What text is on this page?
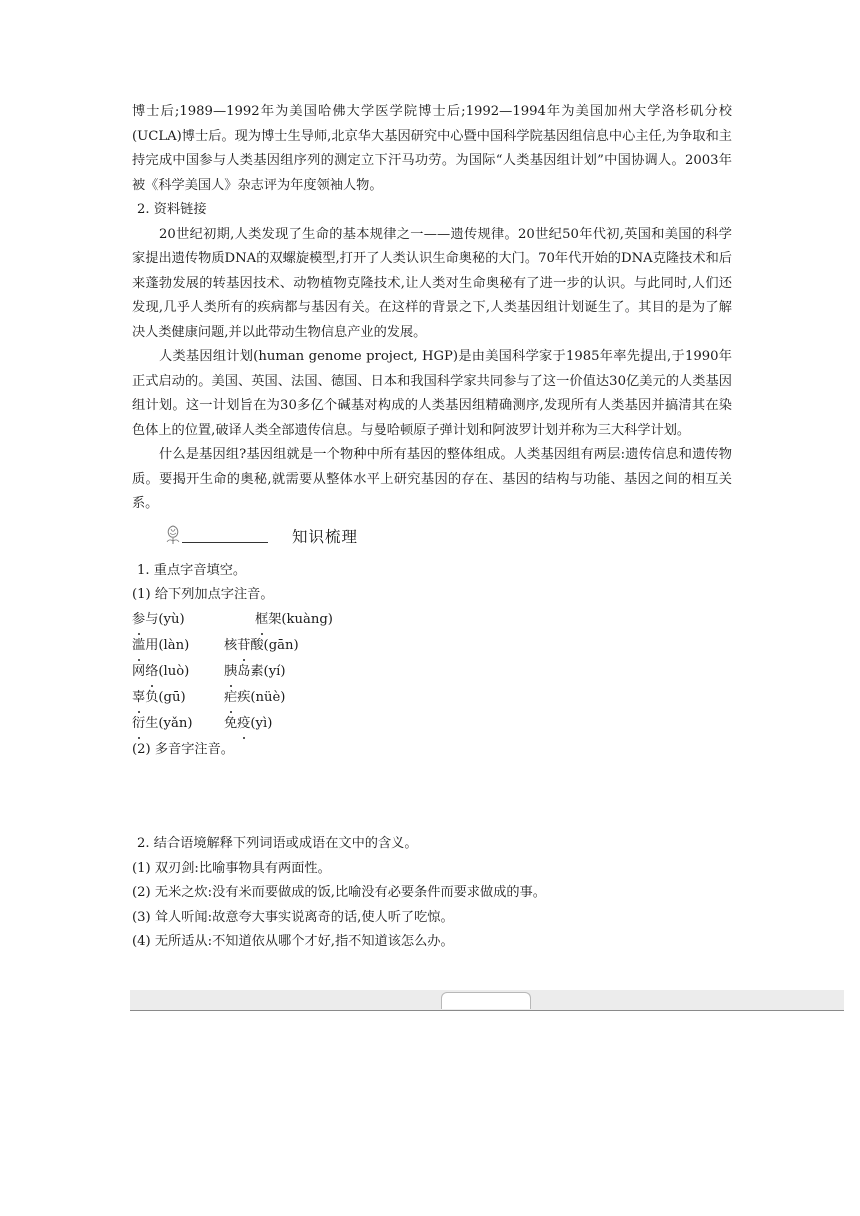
博士后;1989—1992年为美国哈佛大学医学院博士后;1992—1994年为美国加州大学洛杉矶分校(UCLA)博士后。现为博士生导师,北京华大基因研究中心暨中国科学院基因组信息中心主任,为争取和主持完成中国参与人类基因组序列的测定立下汗马功劳。为国际“人类基因组计划”中国协调人。2003年被《科学美国人》杂志评为年度领袖人物。

2. 资料链接

20世纪初期,人类发现了生命的基本规律之一——遗传规律。20世纪50年代初,英国和美国的科学家提出遗传物质DNA的双螺旋模型,打开了人类认识生命奥秘的大门。70年代开始的DNA克隆技术和后来蓬勃发展的转基因技术、动物植物克隆技术,让人类对生命奥秘有了进一步的认识。与此同时,人们还发现,几乎人类所有的疾病都与基因有关。在这样的背景之下,人类基因组计划诞生了。其目的是为了解决人类健康问题,并以此带动生物信息产业的发展。

人类基因组计划(human genome project, HGP)是由美国科学家于1985年率先提出,于1990年正式启动的。美国、英国、法国、德国、日本和我国科学家共同参与了这一价值达30亿美元的人类基因组计划。这一计划旨在为30多亿个碱基对构成的人类基因组精确测序,发现所有人类基因并搞清其在染色体上的位置,破译人类全部遗传信息。与曼哈顿原子弹计划和阿波罗计划并称为三大科学计划。

什么是基因组?基因组就是一个物种中所有基因的整体组成。人类基因组有两层:遗传信息和遗传物质。要揭开生命的奥秘,就需要从整体水平上研究基因的存在、基因的结构与功能、基因之间的相互关系。

知识梳理

1. 重点字音填空。

(1) 给下列加点字注音。

参与(yù)	框架(kuàng)
滥用(làn)	核苷酸(gān)
网络(luò)	胰岛素(yí)
辜负(gū)	疟疾(nüè)
衍生(yǎn) 免疫(yì)

(2) 多音字注音。

2. 结合语境解释下列词语或成语在文中的含义。

(1) 双刃剑:比喻事物具有两面性。

(2) 无米之炊:没有米而要做成的饭,比喻没有必要条件而要求做成的事。

(3) 耸人听闻:故意夸大事实说离奇的话,使人听了吃惊。

(4) 无所适从:不知道依从哪个才好,指不知道该怎么办。
